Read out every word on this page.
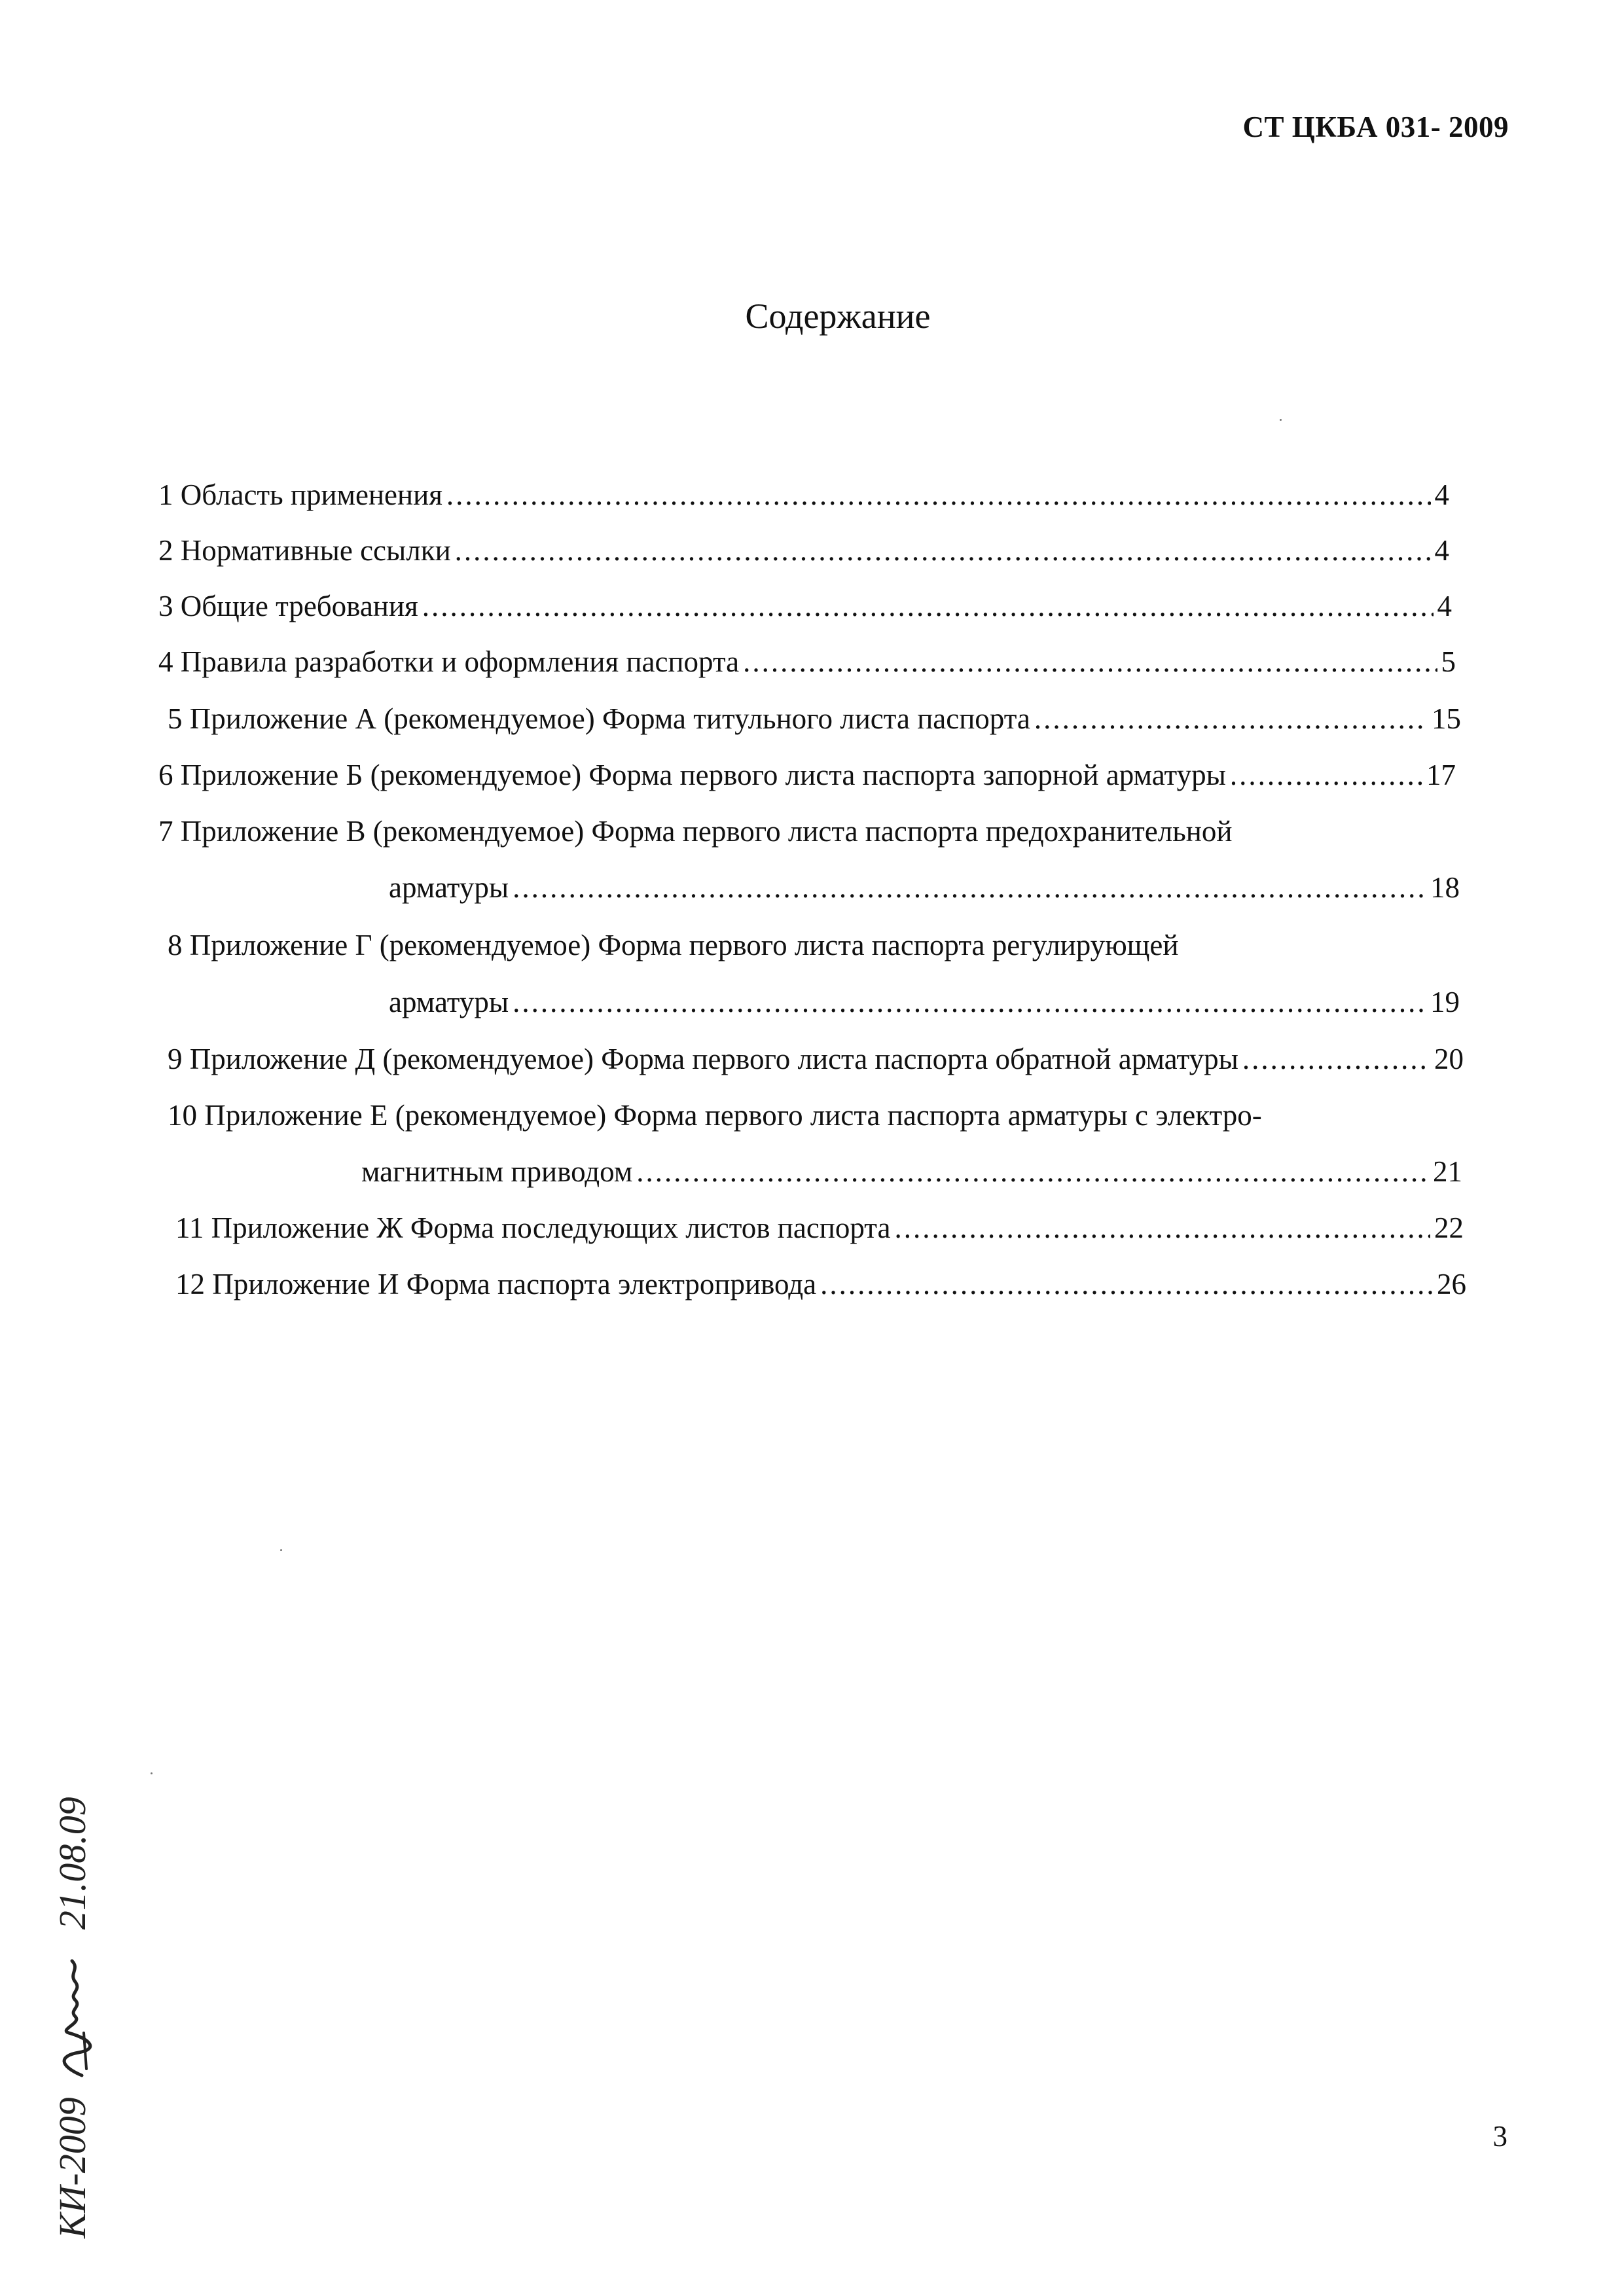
СТ ЦКБА 031- 2009
Содержание
1 Область применения .....	4
2 Нормативные ссылки .....	4
3 Общие требования .....	4
4 Правила разработки и оформления паспорта .....	5
5 Приложение А (рекомендуемое) Форма титульного листа паспорта .....	15
6 Приложение Б (рекомендуемое) Форма первого листа паспорта запорной арматуры .....	17
7 Приложение В (рекомендуемое) Форма первого листа паспорта предохранительной
арматуры .....	18
8 Приложение Г (рекомендуемое) Форма первого листа паспорта регулирующей
арматуры .....	19
9 Приложение Д (рекомендуемое) Форма первого листа паспорта обратной арматуры .....	20
10 Приложение Е (рекомендуемое) Форма первого листа паспорта арматуры с электро-
магнитным приводом .....	21
11 Приложение Ж Форма последующих листов паспорта .....	22
12 Приложение И Форма паспорта электропривода .....	26
3
КИ-2009
21.08.09
